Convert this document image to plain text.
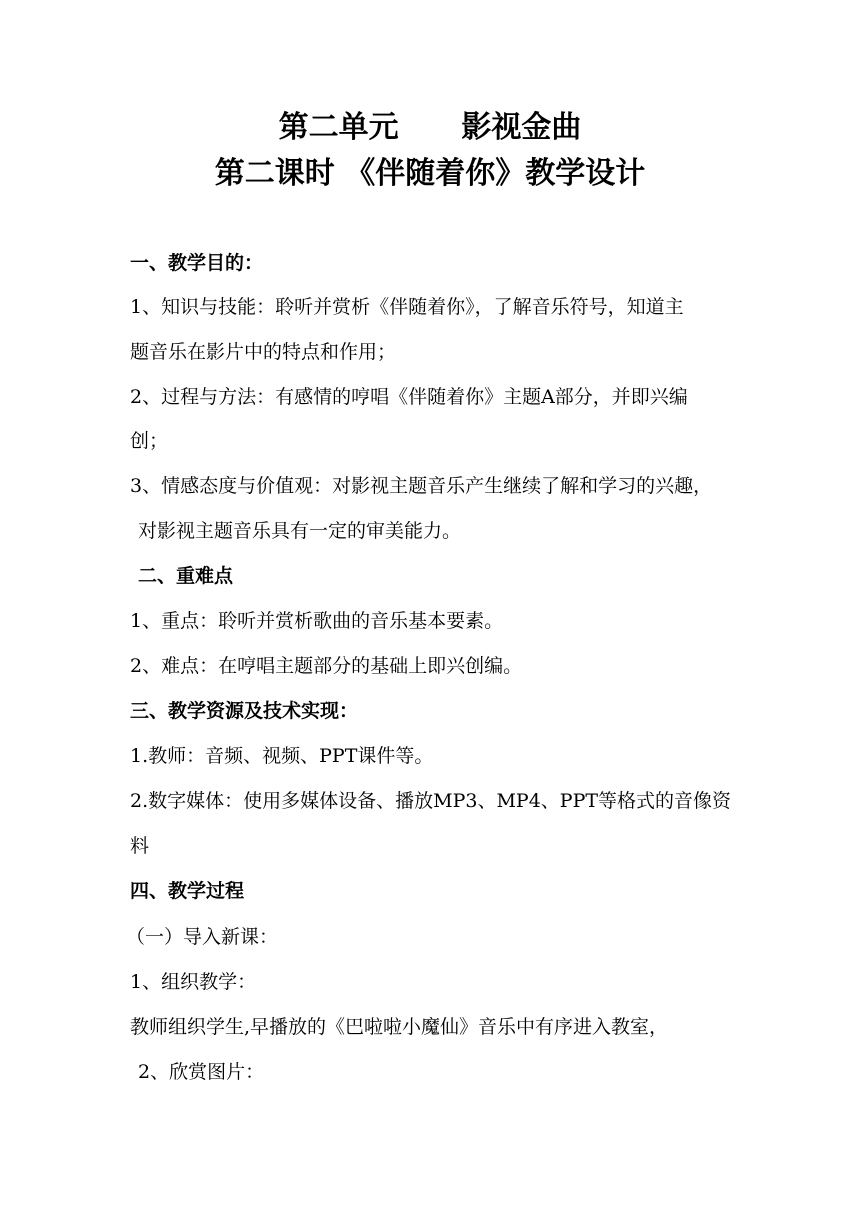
第二单元      影视金曲
第二课时 《伴随着你》教学设计
一、教学目的：
1、知识与技能：聆听并赏析《伴随着你》，了解音乐符号，知道主
题音乐在影片中的特点和作用；
2、过程与方法：有感情的哼唱《伴随着你》主题A部分，并即兴编
创；
3、情感态度与价值观：对影视主题音乐产生继续了解和学习的兴趣，
对影视主题音乐具有一定的审美能力。
二、重难点
1、重点：聆听并赏析歌曲的音乐基本要素。
2、难点：在哼唱主题部分的基础上即兴创编。
三、教学资源及技术实现：
1.教师：音频、视频、PPT课件等。
2.数字媒体：使用多媒体设备、播放MP3、MP4、PPT等格式的音像资
料
四、教学过程
（一）导入新课：
1、组织教学：
教师组织学生,早播放的《巴啦啦小魔仙》音乐中有序进入教室，
2、欣赏图片：
